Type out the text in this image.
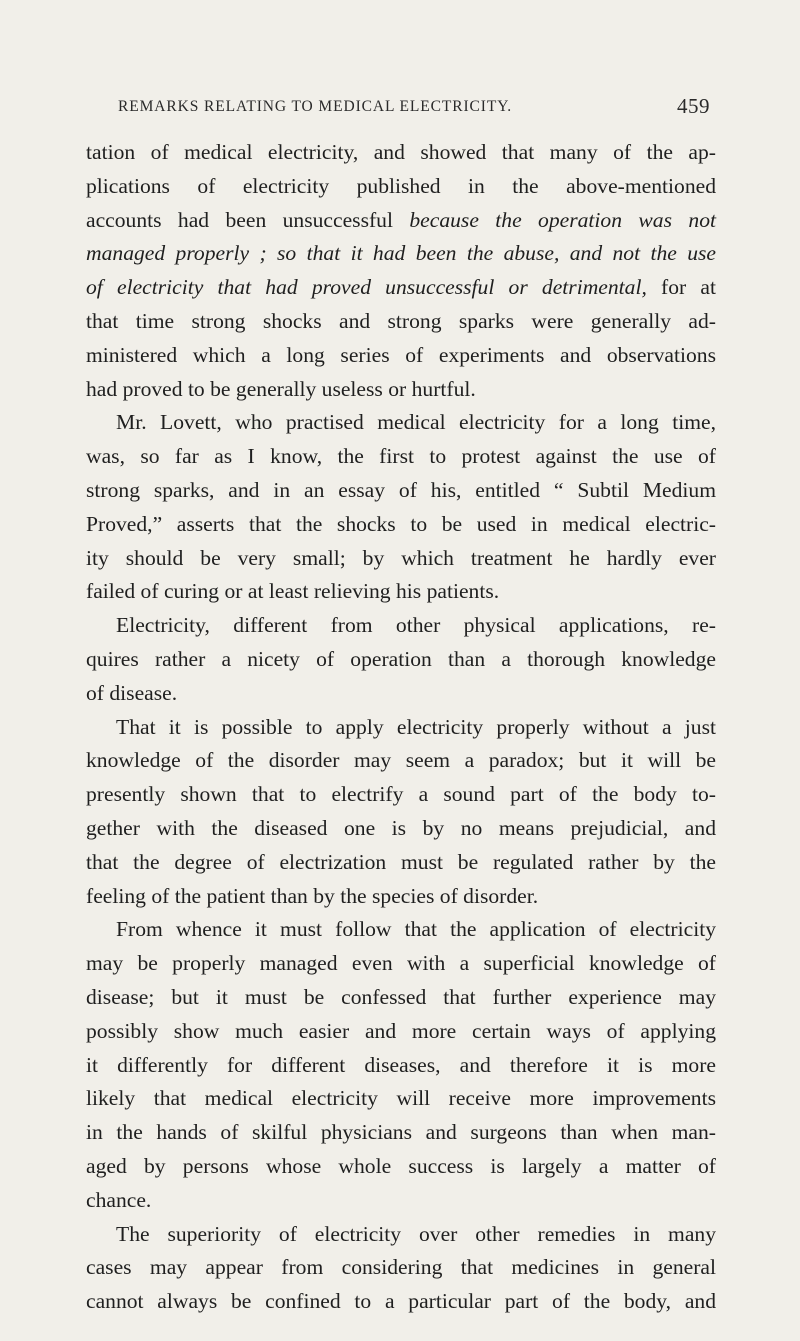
REMARKS RELATING TO MEDICAL ELECTRICITY.	459
tation of medical electricity, and showed that many of the ap-
plications of electricity published in the above-mentioned
accounts had been unsuccessful because the operation was not
managed properly ; so that it had been the abuse, and not the use
of electricity that had proved unsuccessful or detrimental, for at
that time strong shocks and strong sparks were generally ad-
ministered which a long series of experiments and observations
had proved to be generally useless or hurtful.
Mr. Lovett, who practised medical electricity for a long time,
was, so far as I know, the first to protest against the use of
strong sparks, and in an essay of his, entitled “ Subtil Medium
Proved,” asserts that the shocks to be used in medical electric-
ity should be very small; by which treatment he hardly ever
failed of curing or at least relieving his patients.
Electricity, different from other physical applications, re-
quires rather a nicety of operation than a thorough knowledge
of disease.
That it is possible to apply electricity properly without a just
knowledge of the disorder may seem a paradox; but it will be
presently shown that to electrify a sound part of the body to-
gether with the diseased one is by no means prejudicial, and
that the degree of electrization must be regulated rather by the
feeling of the patient than by the species of disorder.
From whence it must follow that the application of electricity
may be properly managed even with a superficial knowledge of
disease; but it must be confessed that further experience may
possibly show much easier and more certain ways of applying
it differently for different diseases, and therefore it is more
likely that medical electricity will receive more improvements
in the hands of skilful physicians and surgeons than when man-
aged by persons whose whole success is largely a matter of
chance.
The superiority of electricity over other remedies in many
cases may appear from considering that medicines in general
cannot always be confined to a particular part of the body, and
